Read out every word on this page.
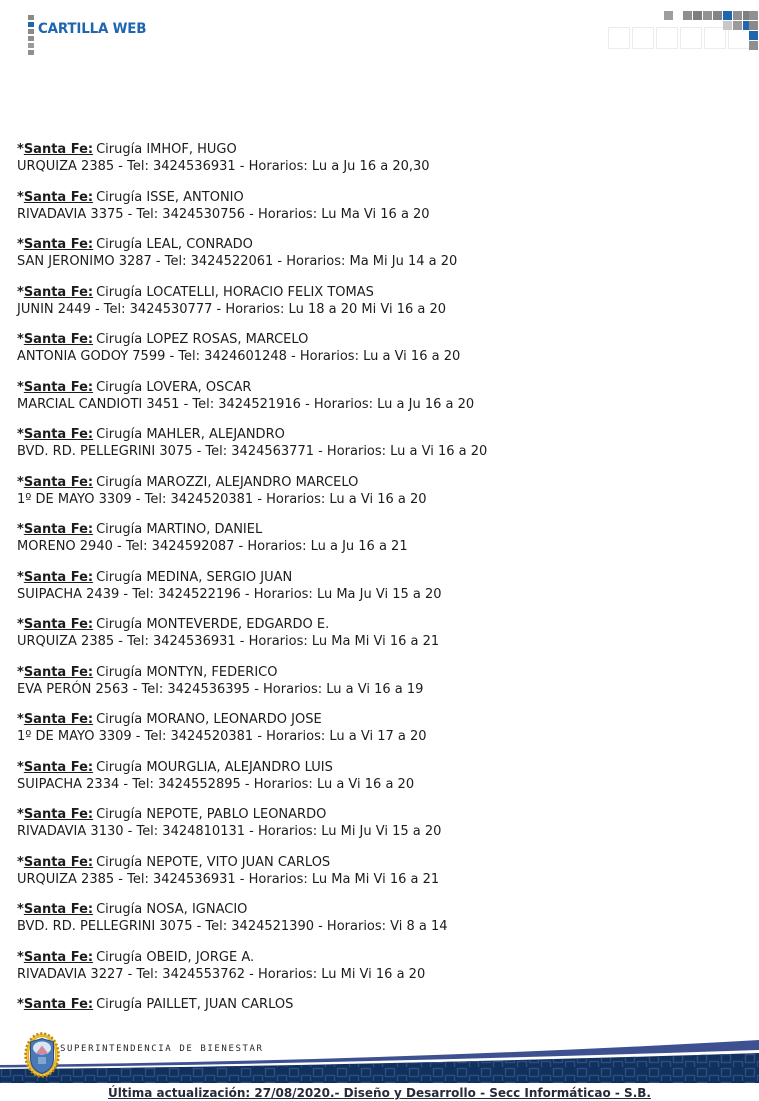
CARTILLA WEB
*Santa Fe: Cirugía IMHOF, HUGO
URQUIZA 2385 - Tel: 3424536931 - Horarios: Lu a Ju 16 a 20,30
*Santa Fe: Cirugía ISSE, ANTONIO
RIVADAVIA 3375 - Tel: 3424530756 - Horarios: Lu Ma Vi 16 a 20
*Santa Fe: Cirugía LEAL, CONRADO
SAN JERONIMO 3287 - Tel: 3424522061 - Horarios: Ma Mi Ju 14 a 20
*Santa Fe: Cirugía LOCATELLI, HORACIO FELIX TOMAS
JUNIN 2449 - Tel: 3424530777 - Horarios: Lu 18 a 20 Mi Vi 16 a 20
*Santa Fe: Cirugía LOPEZ ROSAS, MARCELO
ANTONIA GODOY 7599 - Tel: 3424601248 - Horarios: Lu a Vi 16 a 20
*Santa Fe: Cirugía LOVERA, OSCAR
MARCIAL CANDIOTI 3451 - Tel: 3424521916 - Horarios: Lu a Ju 16 a 20
*Santa Fe: Cirugía MAHLER, ALEJANDRO
BVD. RD. PELLEGRINI 3075 - Tel: 3424563771 - Horarios: Lu a Vi 16 a 20
*Santa Fe: Cirugía MAROZZI, ALEJANDRO MARCELO
1º DE MAYO 3309 - Tel: 3424520381 - Horarios: Lu a Vi 16 a 20
*Santa Fe: Cirugía MARTINO, DANIEL
MORENO 2940 - Tel: 3424592087 - Horarios: Lu a Ju 16 a 21
*Santa Fe: Cirugía MEDINA, SERGIO JUAN
SUIPACHA 2439 - Tel: 3424522196 - Horarios: Lu Ma Ju Vi 15 a 20
*Santa Fe: Cirugía MONTEVERDE, EDGARDO E.
URQUIZA 2385 - Tel: 3424536931 - Horarios: Lu Ma Mi Vi 16 a 21
*Santa Fe: Cirugía MONTYN, FEDERICO
EVA PERÓN 2563 - Tel: 3424536395 - Horarios: Lu a Vi 16 a 19
*Santa Fe: Cirugía MORANO, LEONARDO JOSE
1º DE MAYO 3309 - Tel: 3424520381 - Horarios: Lu a Vi 17 a 20
*Santa Fe: Cirugía MOURGLIA, ALEJANDRO LUIS
SUIPACHA 2334 - Tel: 3424552895 - Horarios: Lu a Vi 16 a 20
*Santa Fe: Cirugía NEPOTE, PABLO LEONARDO
RIVADAVIA 3130 - Tel: 3424810131 - Horarios: Lu Mi Ju Vi 15 a 20
*Santa Fe: Cirugía NEPOTE, VITO JUAN CARLOS
URQUIZA 2385 - Tel: 3424536931 - Horarios: Lu Ma Mi Vi 16 a 21
*Santa Fe: Cirugía NOSA, IGNACIO
BVD. RD. PELLEGRINI 3075 - Tel: 3424521390 - Horarios: Vi 8 a 14
*Santa Fe: Cirugía OBEID, JORGE A.
RIVADAVIA 3227 - Tel: 3424553762 - Horarios: Lu Mi Vi 16 a 20
*Santa Fe: Cirugía PAILLET, JUAN CARLOS
SUPERINTENDENCIA DE BIENESTAR
Última actualización: 27/08/2020.- Diseño y Desarrollo - Secc Informáticao - S.B.
